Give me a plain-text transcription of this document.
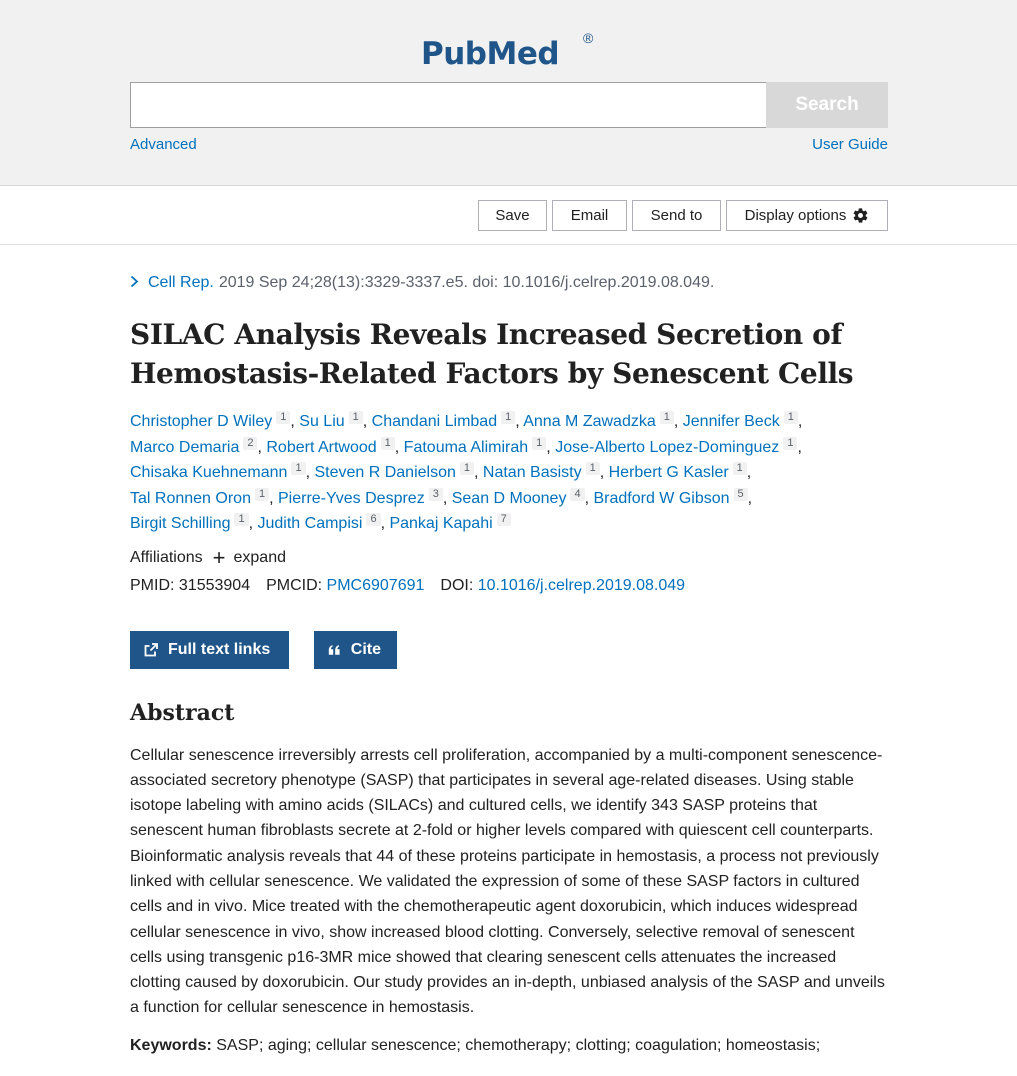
PubMed ®
Search
Advanced	User Guide
Save	Email	Send to	Display options
Cell Rep. 2019 Sep 24;28(13):3329-3337.e5. doi: 10.1016/j.celrep.2019.08.049.
SILAC Analysis Reveals Increased Secretion of Hemostasis-Related Factors by Senescent Cells
Christopher D Wiley 1 , Su Liu 1 , Chandani Limbad 1 , Anna M Zawadzka 1 , Jennifer Beck 1 ,
Marco Demaria 2 , Robert Artwood 1 , Fatouma Alimirah 1 , Jose-Alberto Lopez-Dominguez 1 ,
Chisaka Kuehnemann 1 , Steven R Danielson 1 , Natan Basisty 1 , Herbert G Kasler 1 ,
Tal Ronnen Oron 1 , Pierre-Yves Desprez 3 , Sean D Mooney 4 , Bradford W Gibson 5 ,
Birgit Schilling 1 , Judith Campisi 6 , Pankaj Kapahi 7
Affiliations + expand
PMID: 31553904 PMCID: PMC6907691 DOI: 10.1016/j.celrep.2019.08.049
Full text links	Cite
Abstract

Cellular senescence irreversibly arrests cell proliferation, accompanied by a multi-component senescence-associated secretory phenotype (SASP) that participates in several age-related diseases. Using stable isotope labeling with amino acids (SILACs) and cultured cells, we identify 343 SASP proteins that senescent human fibroblasts secrete at 2-fold or higher levels compared with quiescent cell counterparts. Bioinformatic analysis reveals that 44 of these proteins participate in hemostasis, a process not previously linked with cellular senescence. We validated the expression of some of these SASP factors in cultured cells and in vivo. Mice treated with the chemotherapeutic agent doxorubicin, which induces widespread cellular senescence in vivo, show increased blood clotting. Conversely, selective removal of senescent cells using transgenic p16-3MR mice showed that clearing senescent cells attenuates the increased clotting caused by doxorubicin. Our study provides an in-depth, unbiased analysis of the SASP and unveils a function for cellular senescence in hemostasis.

Keywords: SASP; aging; cellular senescence; chemotherapy; clotting; coagulation; homeostasis;
